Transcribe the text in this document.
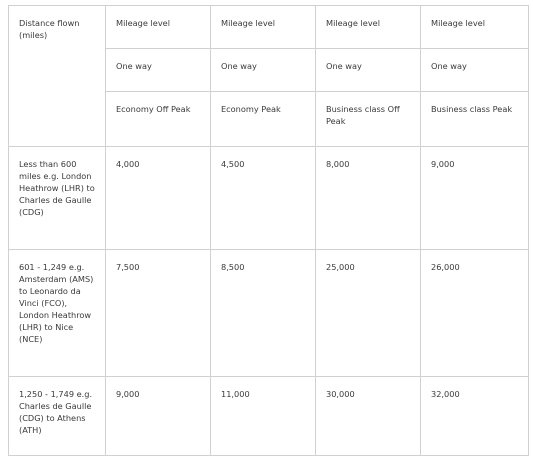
Distance flown (miles)	Mileage level	Mileage level	Mileage level	Mileage level
	One way	One way	One way	One way
	Economy Off Peak	Economy Peak	Business class Off Peak	Business class Peak
Less than 600 miles e.g. London Heathrow (LHR) to Charles de Gaulle (CDG)	4,000	4,500	8,000	9,000
601 - 1,249 e.g. Amsterdam (AMS) to Leonardo da Vinci (FCO), London Heathrow (LHR) to Nice (NCE)	7,500	8,500	25,000	26,000
1,250 - 1,749 e.g. Charles de Gaulle (CDG) to Athens (ATH)	9,000	11,000	30,000	32,000
